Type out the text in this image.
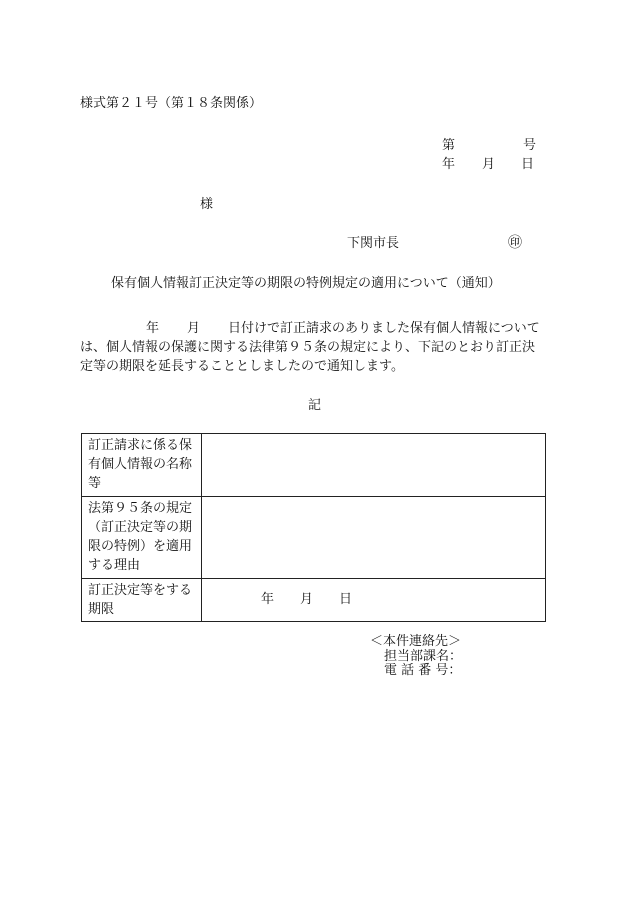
様式第２１号（第１８条関係）
第	号
年 月 日
様
下関市長	㊞
保有個人情報訂正決定等の期限の特例規定の適用について（通知）
年 月 日付けで訂正請求のありました保有個人情報について
は、個人情報の保護に関する法律第９５条の規定により、下記のとおり訂正決
定等の期限を延長することとしましたので通知します。
記
訂正請求に係る保
有個人情報の名称
等	
法第９５条の規定
（訂正決定等の期
限の特例）を適用
する理由	
訂正決定等をする
期限	年 月 日
＜本件連絡先＞
担当部課名：
電 話 番 号：
